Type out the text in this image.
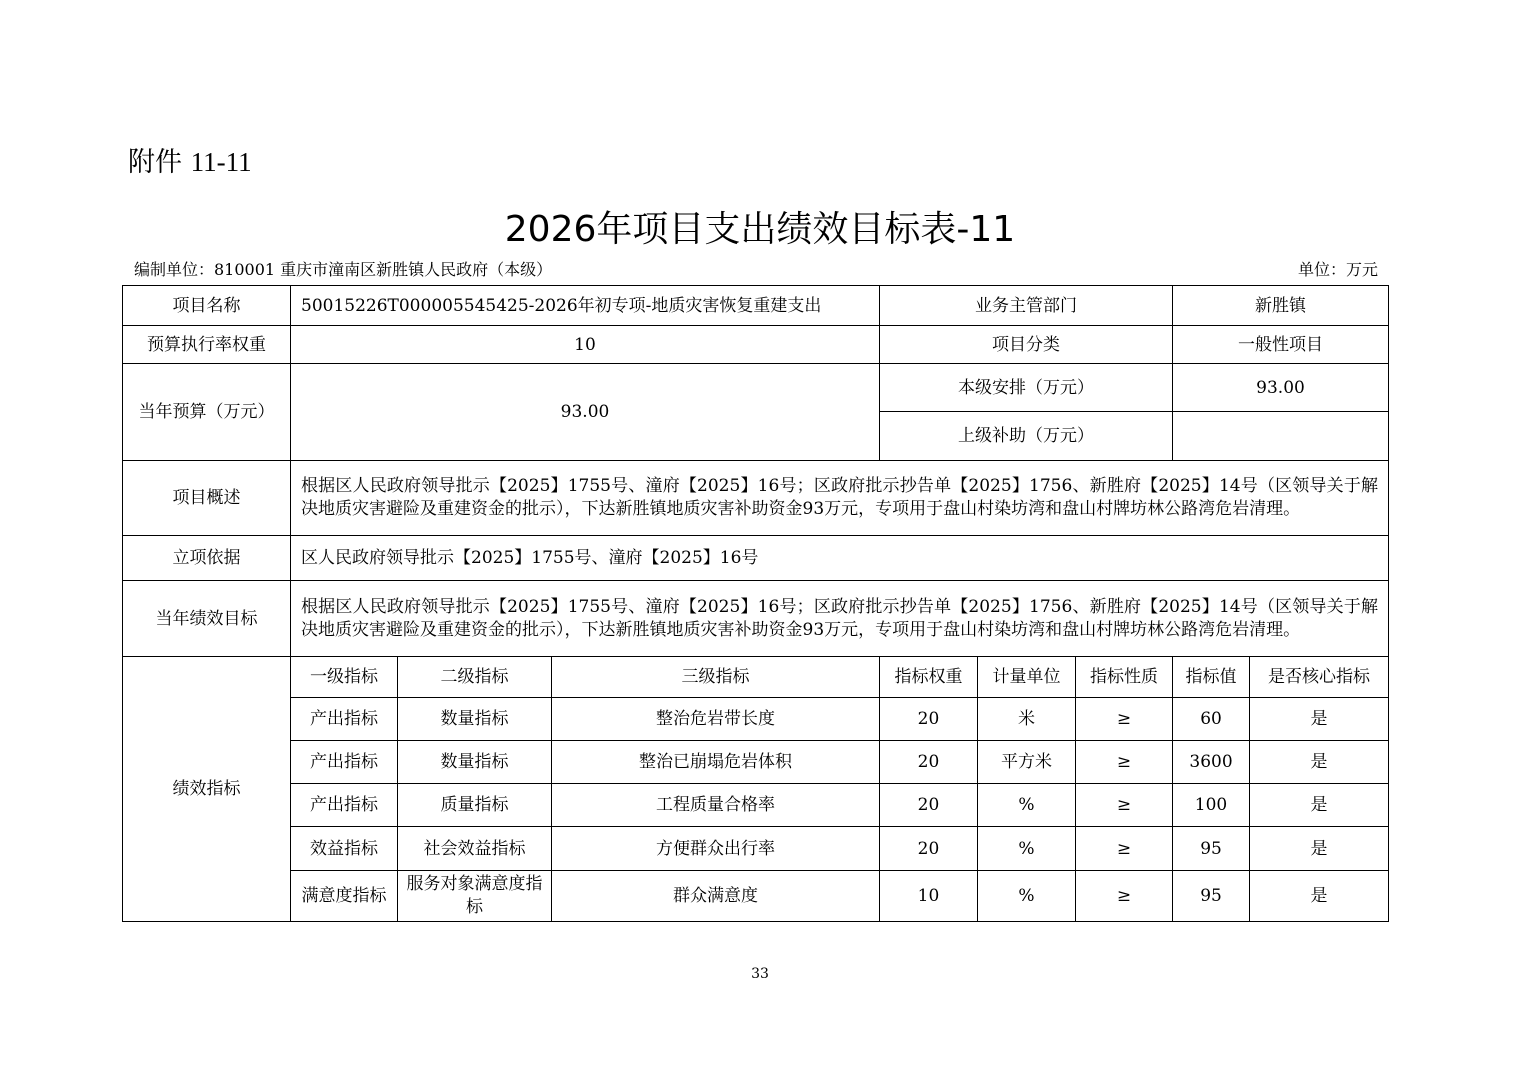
附件 11-11
2026年项目支出绩效目标表-11
编制单位：810001 重庆市潼南区新胜镇人民政府（本级）	单位：万元
项目名称	50015226T000005545425-2026年初专项-地质灾害恢复重建支出			业务主管部门			新胜镇	
预算执行率权重	10			项目分类			一般性项目	
当年预算（万元）	93.00			本级安排（万元）			93.00	
				上级补助（万元）				
项目概述	根据区人民政府领导批示【2025】1755号、潼府【2025】16号；区政府批示抄告单【2025】1756、新胜府【2025】14号（区领导关于解决地质灾害避险及重建资金的批示），下达新胜镇地质灾害补助资金93万元，专项用于盘山村染坊湾和盘山村牌坊林公路湾危岩清理。							
立项依据	区人民政府领导批示【2025】1755号、潼府【2025】16号							
当年绩效目标	根据区人民政府领导批示【2025】1755号、潼府【2025】16号；区政府批示抄告单【2025】1756、新胜府【2025】14号（区领导关于解决地质灾害避险及重建资金的批示），下达新胜镇地质灾害补助资金93万元，专项用于盘山村染坊湾和盘山村牌坊林公路湾危岩清理。							
绩效指标	一级指标	二级指标	三级指标	指标权重	计量单位	指标性质	指标值	是否核心指标
	产出指标	数量指标	整治危岩带长度	20	米	≥	60	是
	产出指标	数量指标	整治已崩塌危岩体积	20	平方米	≥	3600	是
	产出指标	质量指标	工程质量合格率	20	%	≥	100	是
	效益指标	社会效益指标	方便群众出行率	20	%	≥	95	是
	满意度指标	服务对象满意度指标	群众满意度	10	%	≥	95	是
33
